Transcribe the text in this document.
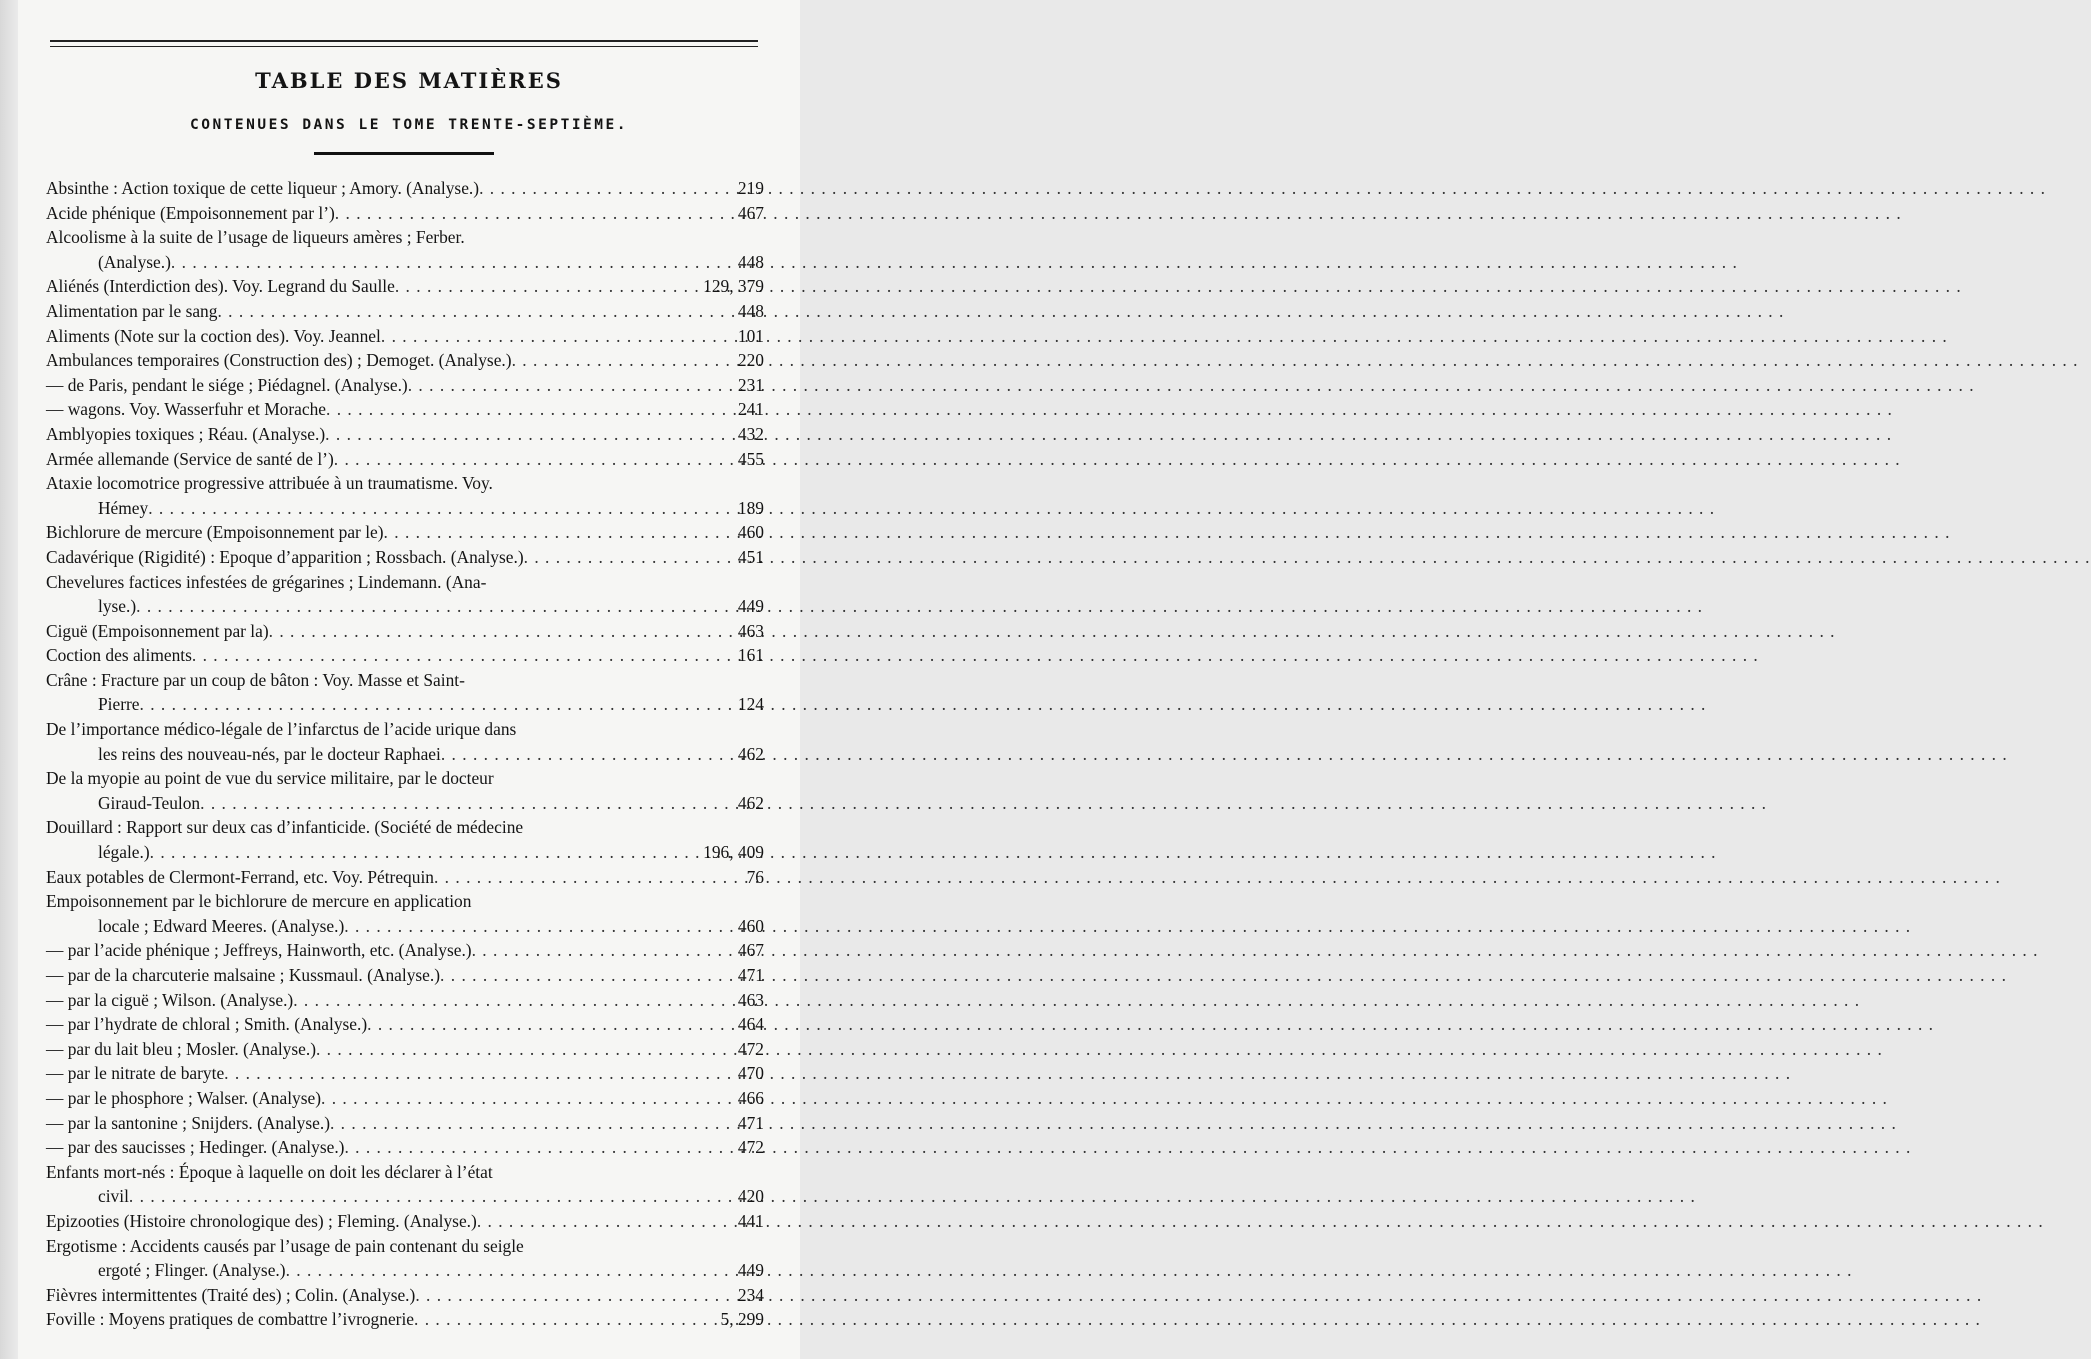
TABLE DES MATIÈRES
CONTENUES DANS LE TOME TRENTE-SEPTIÈME.
Absinthe : Action toxique de cette liqueur ; Amory. (Analyse.) . . .	219
Acide phénique (Empoisonnement par l’) . . .	467
Alcoolisme à la suite de l’usage de liqueurs amères ; Ferber.
(Analyse.) . . .	448
Aliénés (Interdiction des). Voy. Legrand du Saulle . . .	129, 379
Alimentation par le sang . . .	448
Aliments (Note sur la coction des). Voy. Jeannel . . .	101
Ambulances temporaires (Construction des) ; Demoget. (Analyse.) . . .	220
— de Paris, pendant le siége ; Piédagnel. (Analyse.) . . .	231
— wagons. Voy. Wasserfuhr et Morache . . .	241
Amblyopies toxiques ; Réau. (Analyse.) . . .	432
Armée allemande (Service de santé de l’) . . .	455
Ataxie locomotrice progressive attribuée à un traumatisme. Voy.
Hémey . . .	189
Bichlorure de mercure (Empoisonnement par le) . . .	460
Cadavérique (Rigidité) : Epoque d’apparition ; Rossbach. (Analyse.) . . .	451
Chevelures factices infestées de grégarines ; Lindemann. (Ana-
lyse.) . . .	449
Ciguë (Empoisonnement par la) . . .	463
Coction des aliments . . .	161
Crâne : Fracture par un coup de bâton : Voy. Masse et Saint-
Pierre . . .	124
De l’importance médico-légale de l’infarctus de l’acide urique dans
les reins des nouveau-nés, par le docteur Raphaei . . .	462
De la myopie au point de vue du service militaire, par le docteur
Giraud-Teulon . . .	462
Douillard : Rapport sur deux cas d’infanticide. (Société de médecine
légale.) . . .	196, 409
Eaux potables de Clermont-Ferrand, etc. Voy. Pétrequin . . .	76
Empoisonnement par le bichlorure de mercure en application
locale ; Edward Meeres. (Analyse.) . . .	460
— par l’acide phénique ; Jeffreys, Hainworth, etc. (Analyse.) . . .	467
— par de la charcuterie malsaine ; Kussmaul. (Analyse.) . . .	471
— par la ciguë ; Wilson. (Analyse.) . . .	463
— par l’hydrate de chloral ; Smith. (Analyse.) . . .	464
— par du lait bleu ; Mosler. (Analyse.) . . .	472
— par le nitrate de baryte . . .	470
— par le phosphore ; Walser. (Analyse) . . .	466
— par la santonine ; Snijders. (Analyse.) . . .	471
— par des saucisses ; Hedinger. (Analyse.) . . .	472
Enfants mort-nés : Époque à laquelle on doit les déclarer à l’état
civil . . .	420
Epizooties (Histoire chronologique des) ; Fleming. (Analyse.) . . .	441
Ergotisme : Accidents causés par l’usage de pain contenant du seigle
ergoté ; Flinger. (Analyse.) . . .	449
Fièvres intermittentes (Traité des) ; Colin. (Analyse.) . . .	234
Foville : Moyens pratiques de combattre l’ivrognerie . . .	5, 299
